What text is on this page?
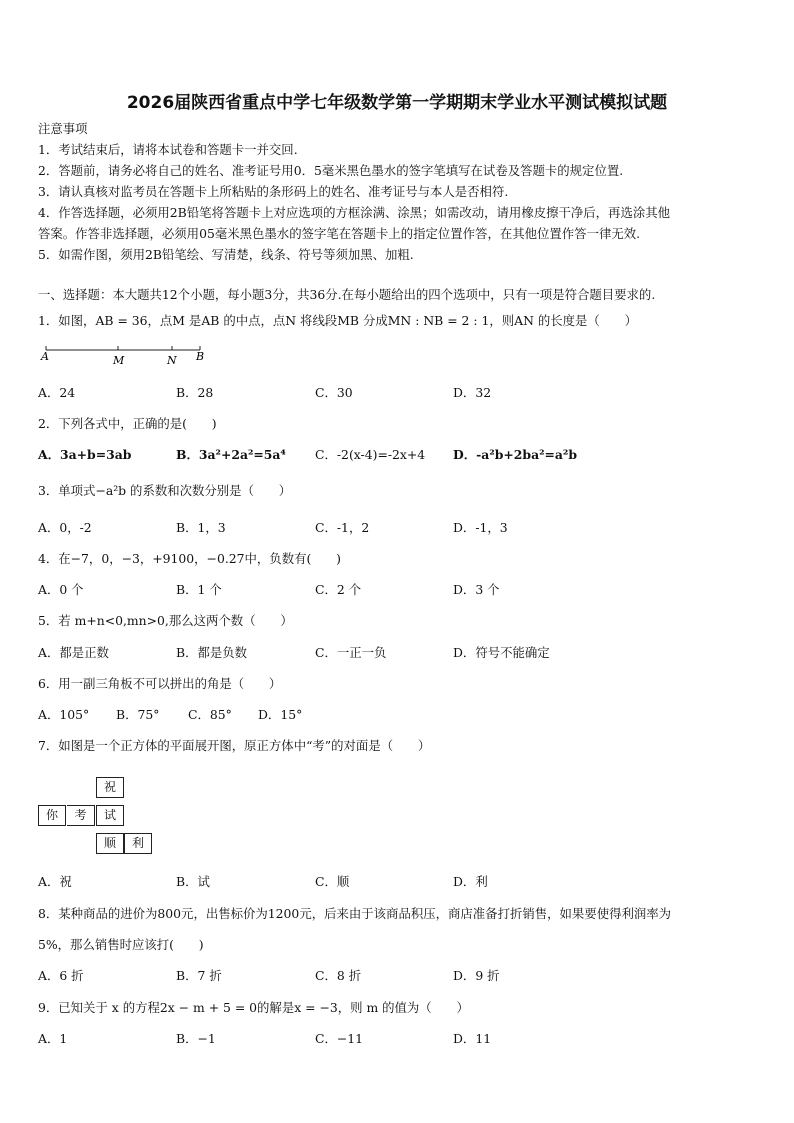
2026届陕西省重点中学七年级数学第一学期期末学业水平测试模拟试题
注意事项
1．考试结束后，请将本试卷和答题卡一并交回.
2．答题前，请务必将自己的姓名、准考证号用0．5毫米黑色墨水的签字笔填写在试卷及答题卡的规定位置.
3．请认真核对监考员在答题卡上所粘贴的条形码上的姓名、准考证号与本人是否相符.
4．作答选择题，必须用2B铅笔将答题卡上对应选项的方框涂满、涂黑；如需改动，请用橡皮擦干净后，再选涂其他
答案。作答非选择题，必须用05毫米黑色墨水的签字笔在答题卡上的指定位置作答，在其他位置作答一律无效.
5．如需作图，须用2B铅笔绘、写清楚，线条、符号等须加黑、加粗.
一、选择题：本大题共12个小题，每小题3分，共36分.在每小题给出的四个选项中，只有一项是符合题目要求的.
1．如图，AB = 36，点M 是AB 的中点，点N 将线段MB 分成MN : NB = 2 : 1，则AN 的长度是（　　）
A	M	N B
A．24	B．28	C．30	D．32
2．下列各式中，正确的是(　　)
A．3a+b=3ab	B．3a²+2a²=5a⁴ C．-2(x-4)=-2x+4 D．-a²b+2ba²=a²b
3．单项式−a²b 的系数和次数分别是（　　）
A．0，-2	B．1，3	C．-1，2	D．-1，3
4．在−7，0，−3，+9100，−0.27中，负数有(　　)
A．0 个	B．1 个	C．2 个	D．3 个
5．若 m+n<0,mn>0,那么这两个数（　　）
A．都是正数	B．都是负数	C．一正一负	D．符号不能确定
6．用一副三角板不可以拼出的角是（　　）
A．105° B．75° C．85° D．15°
7．如图是一个正方体的平面展开图，原正方体中“考”的对面是（　　）
祝
你	考	试
顺	利
A．祝	B．试	C．顺	D．利
8．某种商品的进价为800元，出售标价为1200元，后来由于该商品积压，商店准备打折销售，如果要使得利润率为
5%，那么销售时应该打(　　)
A．6 折	B．7 折	C．8 折	D．9 折
9．已知关于 x 的方程2x − m + 5 = 0的解是x = −3，则 m 的值为（　　）
A．1	B．−1	C．−11	D．11
